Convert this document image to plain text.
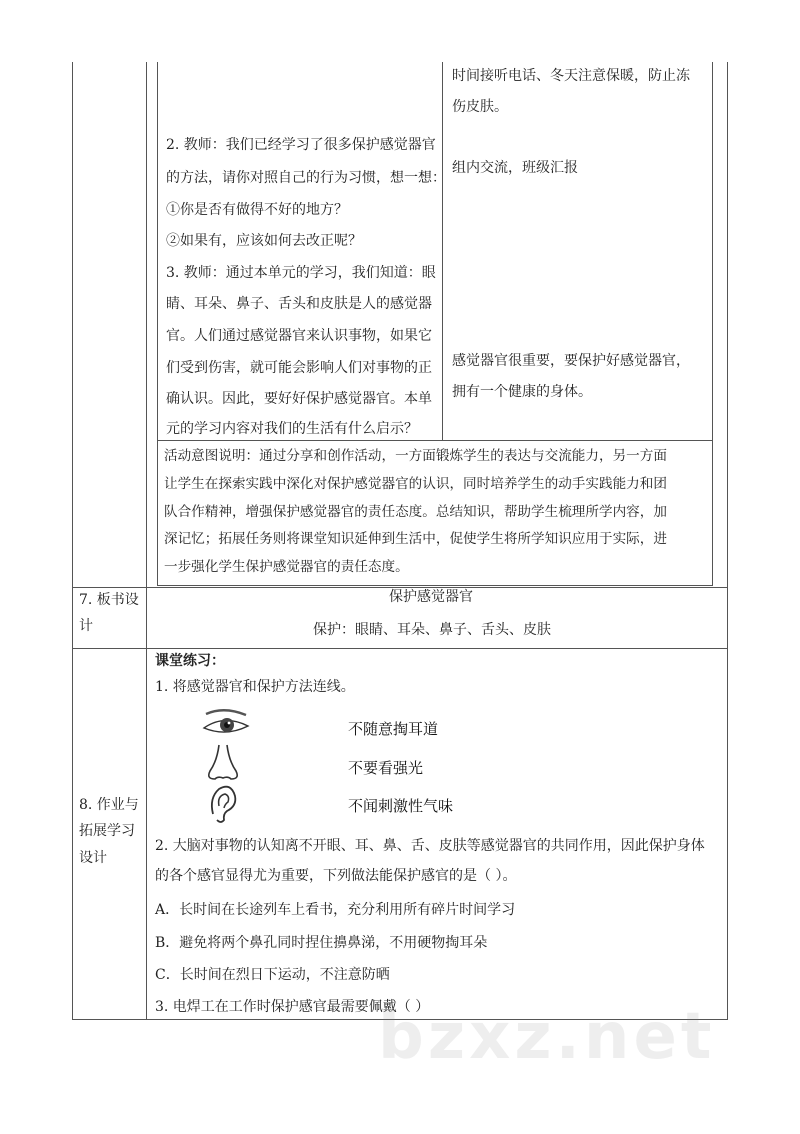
2. 教师：我们已经学习了很多保护感觉器官
的方法，请你对照自己的行为习惯，想一想：
①你是否有做得不好的地方？
②如果有，应该如何去改正呢？
3. 教师：通过本单元的学习，我们知道：眼
睛、耳朵、鼻子、舌头和皮肤是人的感觉器
官。人们通过感觉器官来认识事物，如果它
们受到伤害，就可能会影响人们对事物的正
确认识。因此，要好好保护感觉器官。本单
元的学习内容对我们的生活有什么启示？
时间接听电话、冬天注意保暖，防止冻
伤皮肤。
组内交流，班级汇报
感觉器官很重要，要保护好感觉器官，
拥有一个健康的身体。
活动意图说明：通过分享和创作活动，一方面锻炼学生的表达与交流能力，另一方面
让学生在探索实践中深化对保护感觉器官的认识，同时培养学生的动手实践能力和团
队合作精神，增强保护感觉器官的责任态度。总结知识，帮助学生梳理所学内容，加
深记忆；拓展任务则将课堂知识延伸到生活中，促使学生将所学知识应用于实际，进
一步强化学生保护感觉器官的责任态度。
7. 板书设
计
保护感觉器官
保护：眼睛、耳朵、鼻子、舌头、皮肤
8. 作业与
拓展学习
设计
课堂练习：
1. 将感觉器官和保护方法连线。
不随意掏耳道
不要看强光
不闻刺激性气味
2. 大脑对事物的认知离不开眼、耳、鼻、舌、皮肤等感觉器官的共同作用，因此保护身体
的各个感官显得尤为重要，下列做法能保护感官的是（ ）。
A．长时间在长途列车上看书，充分利用所有碎片时间学习
B．避免将两个鼻孔同时捏住擤鼻涕，不用硬物掏耳朵
C．长时间在烈日下运动，不注意防晒
3. 电焊工在工作时保护感官最需要佩戴（ ）
bzxz.net
